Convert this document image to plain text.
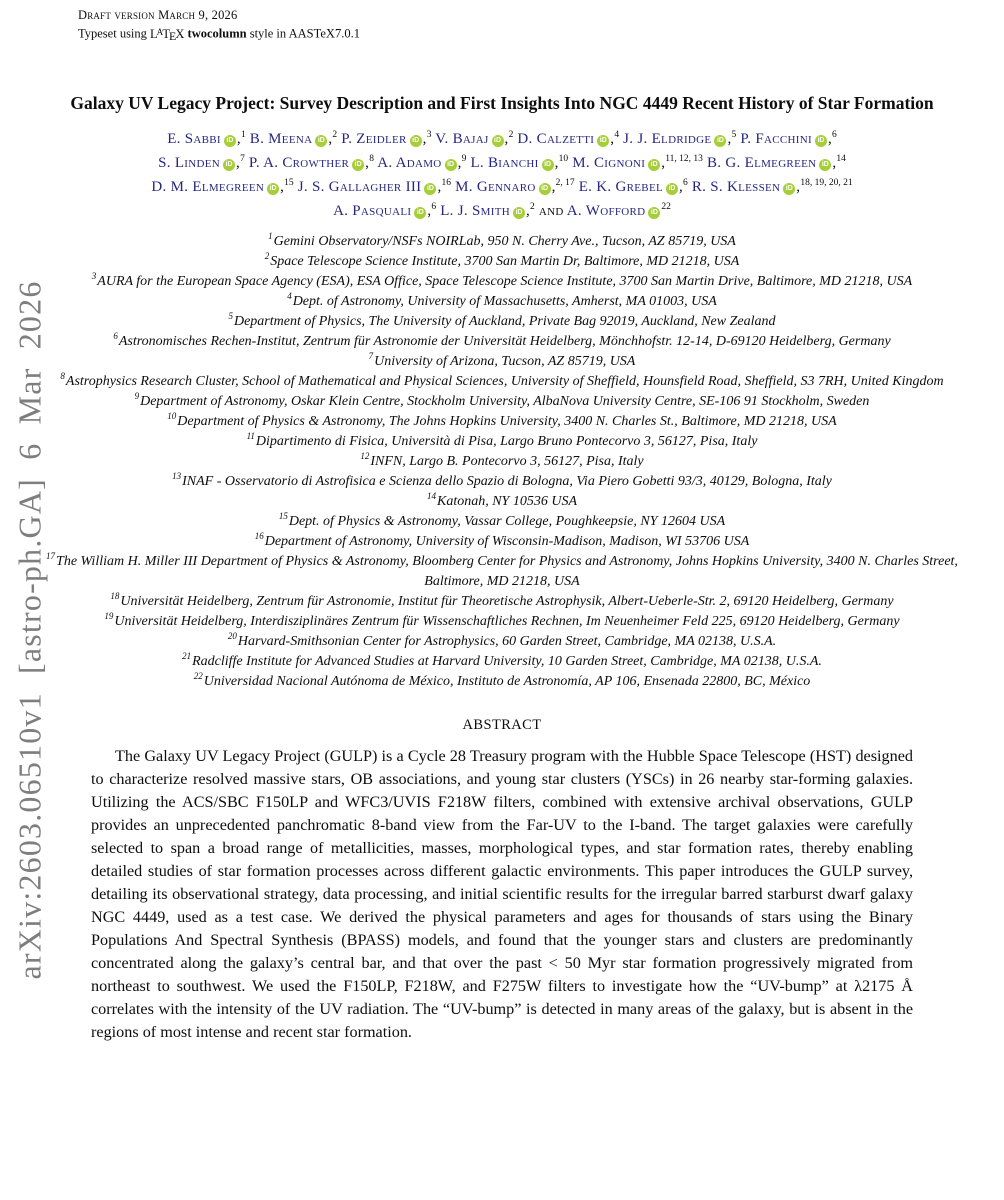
Draft version March 9, 2026
Typeset using $L^ATEX$ twocolumn style in AASTeX7.0.1
arXiv:2603.06510v1 [astro-ph.GA] 6 Mar 2026
Galaxy UV Legacy Project: Survey Description and First Insights Into NGC 4449 Recent History of Star Formation
E. Sabbi iD ,$^1$ B. Meena iD ,$^2$ P. Zeidler iD ,$^3$ V. Bajaj iD ,$^2$ D. Calzetti iD ,$^4$ J. J. Eldridge iD ,$^5$ P. Facchini iD ,$^6$
S. Linden iD ,$^7$ P. A. Crowther iD ,$^8$ A. Adamo iD ,$^9$ L. Bianchi iD ,$^{10}$ M. Cignoni iD ,$^{11, 12, 13}$ B. G. Elmegreen iD ,$^{14}$
D. M. Elmegreen iD ,$^{15}$ J. S. Gallagher III iD ,$^{16}$ M. Gennaro iD ,$^{2, 17}$ E. K. Grebel iD ,$^6$ R. S. Klessen iD ,$^{18, 19, 20, 21}$
A. Pasquali iD ,$^6$ L. J. Smith iD ,$^2$ and A. Wofford $iD^{22}$
$^1$Gemini Observatory/NSFs NOIRLab, 950 N. Cherry Ave., Tucson, AZ 85719, USA
$^2$Space Telescope Science Institute, 3700 San Martin Dr, Baltimore, MD 21218, USA
$^3$AURA for the European Space Agency (ESA), ESA Office, Space Telescope Science Institute, 3700 San Martin Drive, Baltimore, MD 21218, USA
$^4$Dept. of Astronomy, University of Massachusetts, Amherst, MA 01003, USA
$^5$Department of Physics, The University of Auckland, Private Bag 92019, Auckland, New Zealand
$^6$Astronomisches Rechen-Institut, Zentrum für Astronomie der Universität Heidelberg, Mönchhofstr. 12-14, D-69120 Heidelberg, Germany
$^7$University of Arizona, Tucson, AZ 85719, USA
$^8$Astrophysics Research Cluster, School of Mathematical and Physical Sciences, University of Sheffield, Hounsfield Road, Sheffield, S3 7RH, United Kingdom
$^9$Department of Astronomy, Oskar Klein Centre, Stockholm University, AlbaNova University Centre, SE-106 91 Stockholm, Sweden
$^{10}$Department of Physics & Astronomy, The Johns Hopkins University, 3400 N. Charles St., Baltimore, MD 21218, USA
$^{11}$Dipartimento di Fisica, Università di Pisa, Largo Bruno Pontecorvo 3, 56127, Pisa, Italy
$^{12}$INFN, Largo B. Pontecorvo 3, 56127, Pisa, Italy
$^{13}$INAF - Osservatorio di Astrofisica e Scienza dello Spazio di Bologna, Via Piero Gobetti 93/3, 40129, Bologna, Italy
$^{14}$Katonah, NY 10536 USA
$^{15}$Dept. of Physics & Astronomy, Vassar College, Poughkeepsie, NY 12604 USA
$^{16}$Department of Astronomy, University of Wisconsin-Madison, Madison, WI 53706 USA
$^{17}$The William H. Miller III Department of Physics & Astronomy, Bloomberg Center for Physics and Astronomy, Johns Hopkins University, 3400 N. Charles Street, Baltimore, MD 21218, USA
$^{18}$Universität Heidelberg, Zentrum für Astronomie, Institut für Theoretische Astrophysik, Albert-Ueberle-Str. 2, 69120 Heidelberg, Germany
$^{19}$Universität Heidelberg, Interdisziplinäres Zentrum für Wissenschaftliches Rechnen, Im Neuenheimer Feld 225, 69120 Heidelberg, Germany
$^{20}$Harvard-Smithsonian Center for Astrophysics, 60 Garden Street, Cambridge, MA 02138, U.S.A.
$^{21}$Radcliffe Institute for Advanced Studies at Harvard University, 10 Garden Street, Cambridge, MA 02138, U.S.A.
$^{22}$Universidad Nacional Autónoma de México, Instituto de Astronomía, AP 106, Ensenada 22800, BC, México
ABSTRACT

The Galaxy UV Legacy Project (GULP) is a Cycle 28 Treasury program with the Hubble Space Telescope (HST) designed to characterize resolved massive stars, OB associations, and young star clusters (YSCs) in 26 nearby star-forming galaxies. Utilizing the ACS/SBC F150LP and WFC3/UVIS F218W filters, combined with extensive archival observations, GULP provides an unprecedented panchromatic 8-band view from the Far-UV to the I-band. The target galaxies were carefully selected to span a broad range of metallicities, masses, morphological types, and star formation rates, thereby enabling detailed studies of star formation processes across different galactic environments. This paper introduces the GULP survey, detailing its observational strategy, data processing, and initial scientific results for the irregular barred starburst dwarf galaxy NGC 4449, used as a test case. We derived the physical parameters and ages for thousands of stars using the Binary Populations And Spectral Synthesis (BPASS) models, and found that the younger stars and clusters are predominantly concentrated along the galaxy’s central bar, and that over the past < 50 Myr star formation progressively migrated from northeast to southwest. We used the F150LP, F218W, and F275W filters to investigate how the “UV-bump” at λ2175 Å correlates with the intensity of the UV radiation. The “UV-bump” is detected in many areas of the galaxy, but is absent in the regions of most intense and recent star formation.
